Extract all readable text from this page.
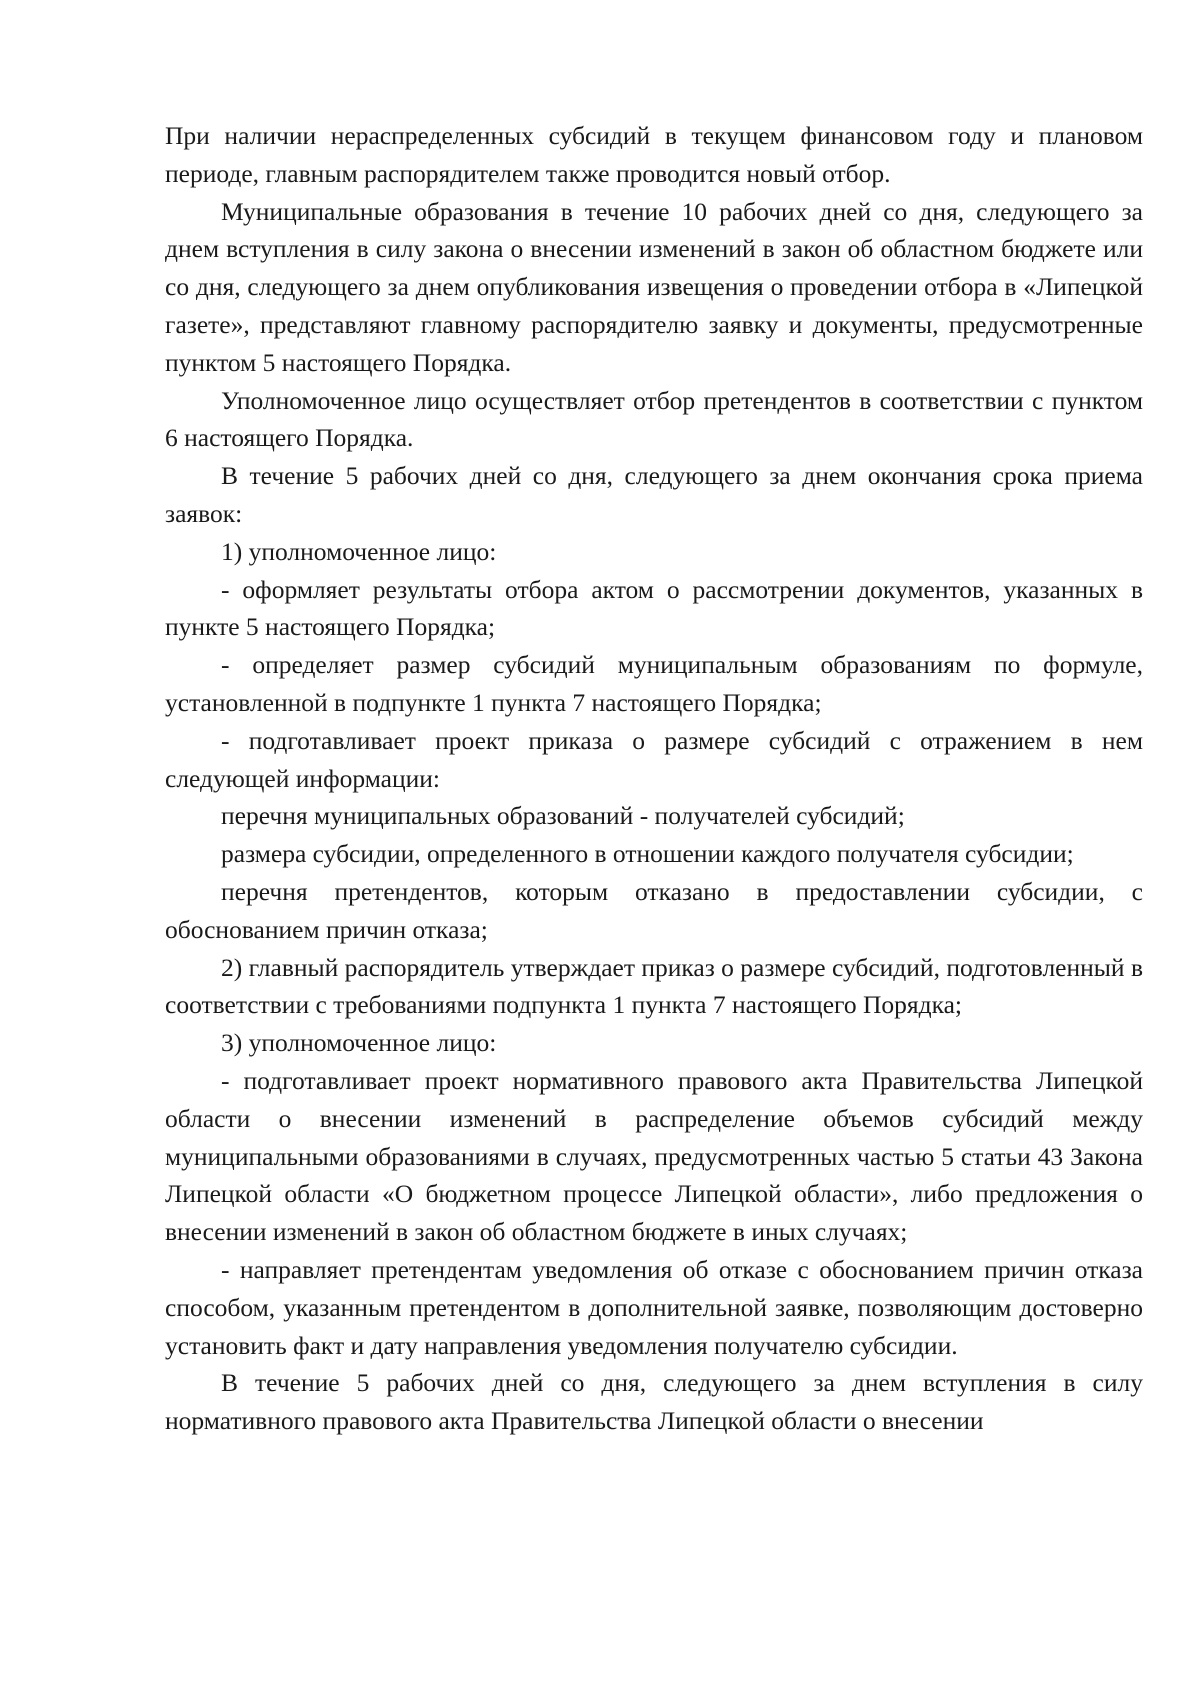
При наличии нераспределенных субсидий в текущем финансовом году и плановом периоде, главным распорядителем также проводится новый отбор.

Муниципальные образования в течение 10 рабочих дней со дня, следующего за днем вступления в силу закона о внесении изменений в закон об областном бюджете или со дня, следующего за днем опубликования извещения о проведении отбора в «Липецкой газете», представляют главному распорядителю заявку и документы, предусмотренные пунктом 5 настоящего Порядка.

Уполномоченное лицо осуществляет отбор претендентов в соответствии с пунктом 6 настоящего Порядка.

В течение 5 рабочих дней со дня, следующего за днем окончания срока приема заявок:

1) уполномоченное лицо:

- оформляет результаты отбора актом о рассмотрении документов, указанных в пункте 5 настоящего Порядка;

- определяет размер субсидий муниципальным образованиям по формуле, установленной в подпункте 1 пункта 7 настоящего Порядка;

- подготавливает проект приказа о размере субсидий с отражением в нем следующей информации:

перечня муниципальных образований - получателей субсидий;

размера субсидии, определенного в отношении каждого получателя субсидии;

перечня претендентов, которым отказано в предоставлении субсидии, с обоснованием причин отказа;

2) главный распорядитель утверждает приказ о размере субсидий, подготовленный в соответствии с требованиями подпункта 1 пункта 7 настоящего Порядка;

3) уполномоченное лицо:

- подготавливает проект нормативного правового акта Правительства Липецкой области о внесении изменений в распределение объемов субсидий между муниципальными образованиями в случаях, предусмотренных частью 5 статьи 43 Закона Липецкой области «О бюджетном процессе Липецкой области», либо предложения о внесении изменений в закон об областном бюджете в иных случаях;

- направляет претендентам уведомления об отказе с обоснованием причин отказа способом, указанным претендентом в дополнительной заявке, позволяющим достоверно установить факт и дату направления уведомления получателю субсидии.

В течение 5 рабочих дней со дня, следующего за днем вступления в силу нормативного правового акта Правительства Липецкой области о внесении
